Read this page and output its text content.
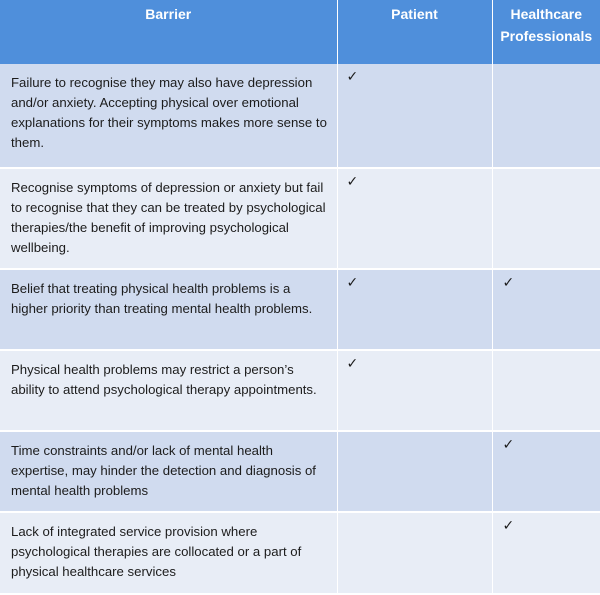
Barrier	Patient	Healthcare Professionals

Failure to recognise they may also have depression and/or anxiety. Accepting physical over emotional explanations for their symptoms makes more sense to them.	✓	

Recognise symptoms of depression or anxiety but fail to recognise that they can be treated by psychological therapies/the benefit of improving psychological wellbeing.	✓	

Belief that treating physical health problems is a higher priority than treating mental health problems.	✓	✓

Physical health problems may restrict a person’s ability to attend psychological therapy appointments.	✓	

Time constraints and/or lack of mental health expertise, may hinder the detection and diagnosis of mental health problems		✓

Lack of integrated service provision where psychological therapies are collocated or a part of physical healthcare services		✓
